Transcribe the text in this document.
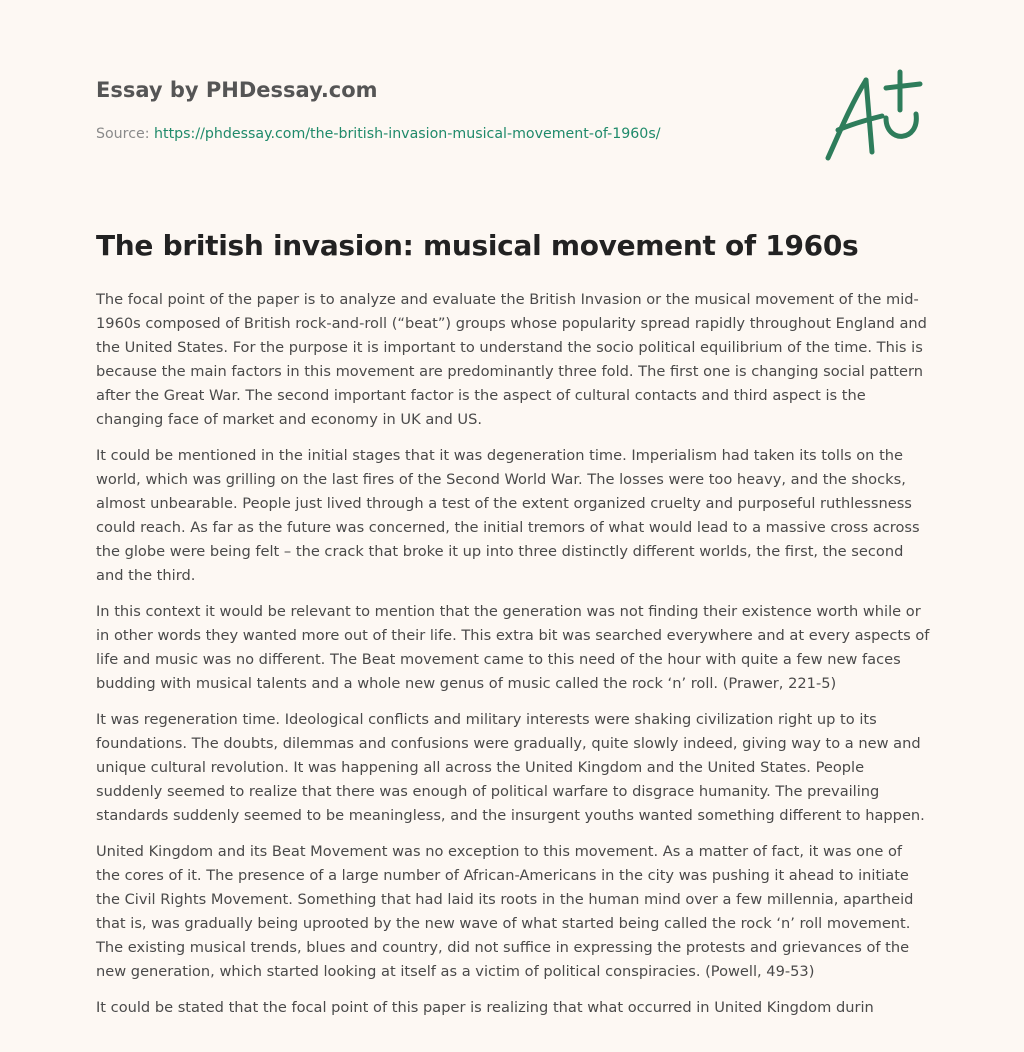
Essay by PHDessay.com
Source: https://phdessay.com/the-british-invasion-musical-movement-of-1960s/
The british invasion: musical movement of 1960s

The focal point of the paper is to analyze and evaluate the British Invasion or the musical movement of the mid-1960s composed of British rock-and-roll (“beat”) groups whose popularity spread rapidly throughout England and the United States. For the purpose it is important to understand the socio political equilibrium of the time. This is because the main factors in this movement are predominantly three fold. The first one is changing social pattern after the Great War. The second important factor is the aspect of cultural contacts and third aspect is the changing face of market and economy in UK and US.

It could be mentioned in the initial stages that it was degeneration time. Imperialism had taken its tolls on the world, which was grilling on the last fires of the Second World War. The losses were too heavy, and the shocks, almost unbearable. People just lived through a test of the extent organized cruelty and purposeful ruthlessness could reach. As far as the future was concerned, the initial tremors of what would lead to a massive cross across the globe were being felt – the crack that broke it up into three distinctly different worlds, the first, the second and the third.

In this context it would be relevant to mention that the generation was not finding their existence worth while or in other words they wanted more out of their life. This extra bit was searched everywhere and at every aspects of life and music was no different. The Beat movement came to this need of the hour with quite a few new faces budding with musical talents and a whole new genus of music called the rock ‘n’ roll. (Prawer, 221-5)

It was regeneration time. Ideological conflicts and military interests were shaking civilization right up to its foundations. The doubts, dilemmas and confusions were gradually, quite slowly indeed, giving way to a new and unique cultural revolution. It was happening all across the United Kingdom and the United States. People suddenly seemed to realize that there was enough of political warfare to disgrace humanity. The prevailing standards suddenly seemed to be meaningless, and the insurgent youths wanted something different to happen.

United Kingdom and its Beat Movement was no exception to this movement. As a matter of fact, it was one of the cores of it. The presence of a large number of African-Americans in the city was pushing it ahead to initiate the Civil Rights Movement. Something that had laid its roots in the human mind over a few millennia, apartheid that is, was gradually being uprooted by the new wave of what started being called the rock ‘n’ roll movement. The existing musical trends, blues and country, did not suffice in expressing the protests and grievances of the new generation, which started looking at itself as a victim of political conspiracies. (Powell, 49-53)

It could be stated that the focal point of this paper is realizing that what occurred in United Kingdom durin
